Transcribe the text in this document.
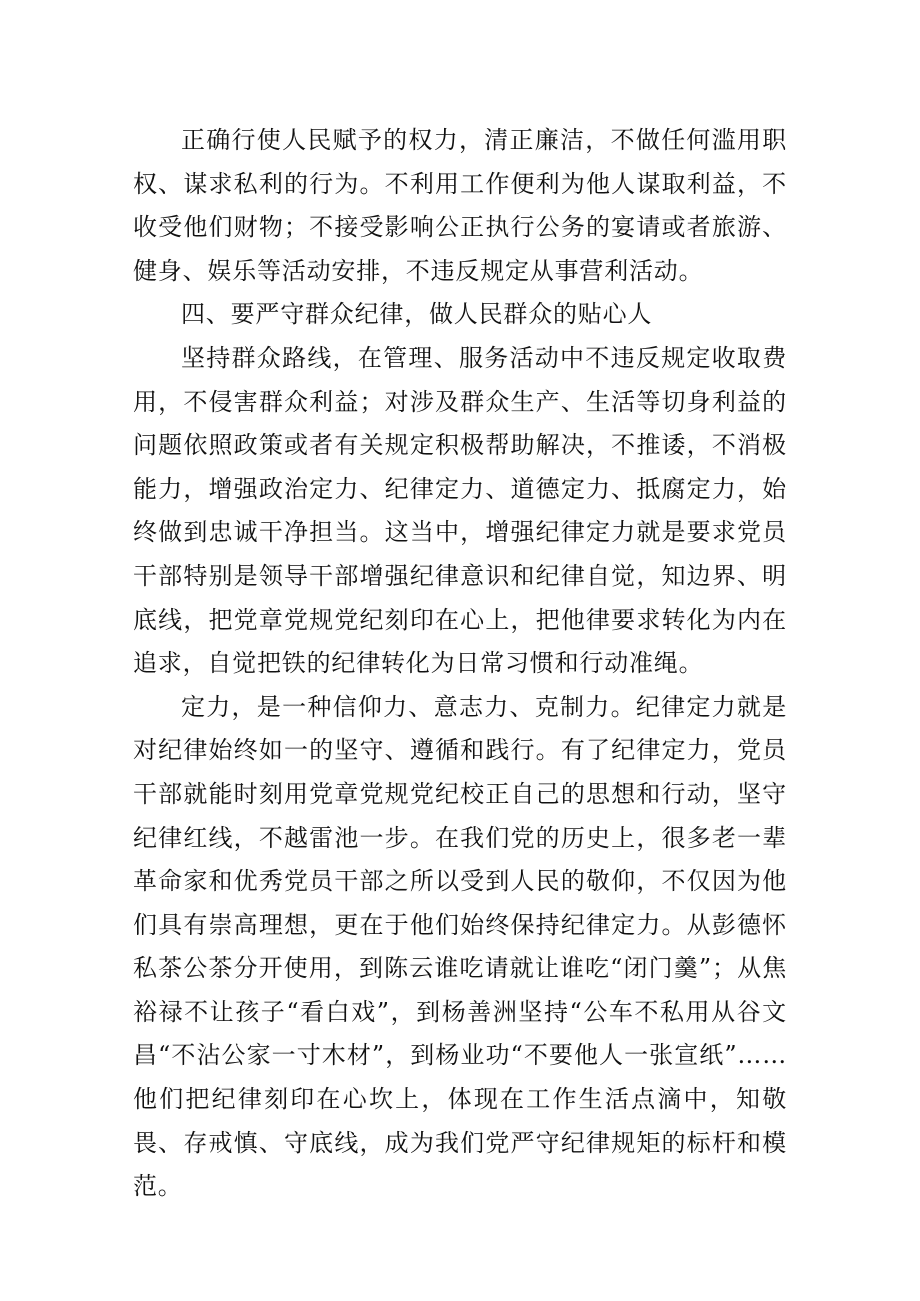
正确行使人民赋予的权力，清正廉洁，不做任何滥用职权、谋求私利的行为。不利用工作便利为他人谋取利益，不收受他们财物；不接受影响公正执行公务的宴请或者旅游、健身、娱乐等活动安排，不违反规定从事营利活动。

四、要严守群众纪律，做人民群众的贴心人

坚持群众路线，在管理、服务活动中不违反规定收取费用，不侵害群众利益；对涉及群众生产、生活等切身利益的问题依照政策或者有关规定积极帮助解决，不推诿，不消极能力，增强政治定力、纪律定力、道德定力、抵腐定力，始终做到忠诚干净担当。这当中，增强纪律定力就是要求党员干部特别是领导干部增强纪律意识和纪律自觉，知边界、明底线，把党章党规党纪刻印在心上，把他律要求转化为内在追求，自觉把铁的纪律转化为日常习惯和行动准绳。

定力，是一种信仰力、意志力、克制力。纪律定力就是对纪律始终如一的坚守、遵循和践行。有了纪律定力，党员干部就能时刻用党章党规党纪校正自己的思想和行动，坚守纪律红线，不越雷池一步。在我们党的历史上，很多老一辈革命家和优秀党员干部之所以受到人民的敬仰，不仅因为他们具有崇高理想，更在于他们始终保持纪律定力。从彭德怀私茶公茶分开使用，到陈云谁吃请就让谁吃“闭门羹”；从焦裕禄不让孩子“看白戏”，到杨善洲坚持“公车不私用从谷文昌“不沾公家一寸木材”，到杨业功“不要他人一张宣纸”……他们把纪律刻印在心坎上，体现在工作生活点滴中，知敬畏、存戒慎、守底线，成为我们党严守纪律规矩的标杆和模范。
